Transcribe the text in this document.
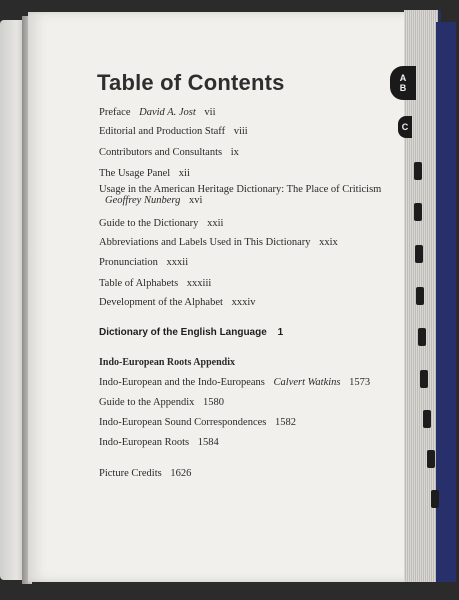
A
B
C
Table of Contents
Preface David A. Jost vii
Editorial and Production Staff viii
Contributors and Consultants ix
The Usage Panel xii
Usage in the American Heritage Dictionary: The Place of Criticism Geoffrey Nunberg xvi
Guide to the Dictionary xxii
Abbreviations and Labels Used in This Dictionary xxix
Pronunciation xxxii
Table of Alphabets xxxiii
Development of the Alphabet xxxiv
Dictionary of the English Language 1
Indo-European Roots Appendix
Indo-European and the Indo-Europeans Calvert Watkins 1573
Guide to the Appendix 1580
Indo-European Sound Correspondences 1582
Indo-European Roots 1584
Picture Credits 1626
